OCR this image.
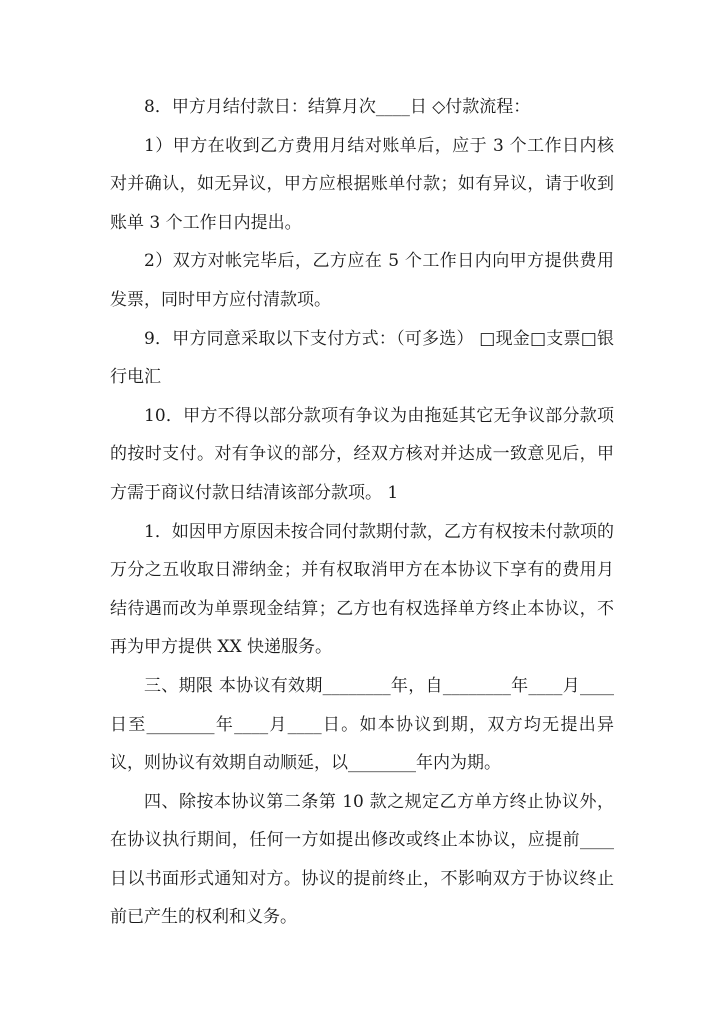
8．甲方月结付款日：结算月次____日 ◇付款流程：

1）甲方在收到乙方费用月结对账单后，应于 3 个工作日内核对并确认，如无异议，甲方应根据账单付款；如有异议，请于收到账单 3 个工作日内提出。

2）双方对帐完毕后，乙方应在 5 个工作日内向甲方提供费用发票，同时甲方应付清款项。

9．甲方同意采取以下支付方式：（可多选） □现金□支票□银行电汇

10．甲方不得以部分款项有争议为由拖延其它无争议部分款项的按时支付。对有争议的部分，经双方核对并达成一致意见后，甲方需于商议付款日结清该部分款项。 1

1．如因甲方原因未按合同付款期付款，乙方有权按未付款项的万分之五收取日滞纳金；并有权取消甲方在本协议下享有的费用月结待遇而改为单票现金结算；乙方也有权选择单方终止本协议，不再为甲方提供 XX 快递服务。

三、期限 本协议有效期________年，自________年____月____日至________年____月____日。如本协议到期，双方均无提出异议，则协议有效期自动顺延，以________年内为期。

四、除按本协议第二条第 10 款之规定乙方单方终止协议外，在协议执行期间，任何一方如提出修改或终止本协议，应提前____日以书面形式通知对方。协议的提前终止，不影响双方于协议终止前已产生的权利和义务。
